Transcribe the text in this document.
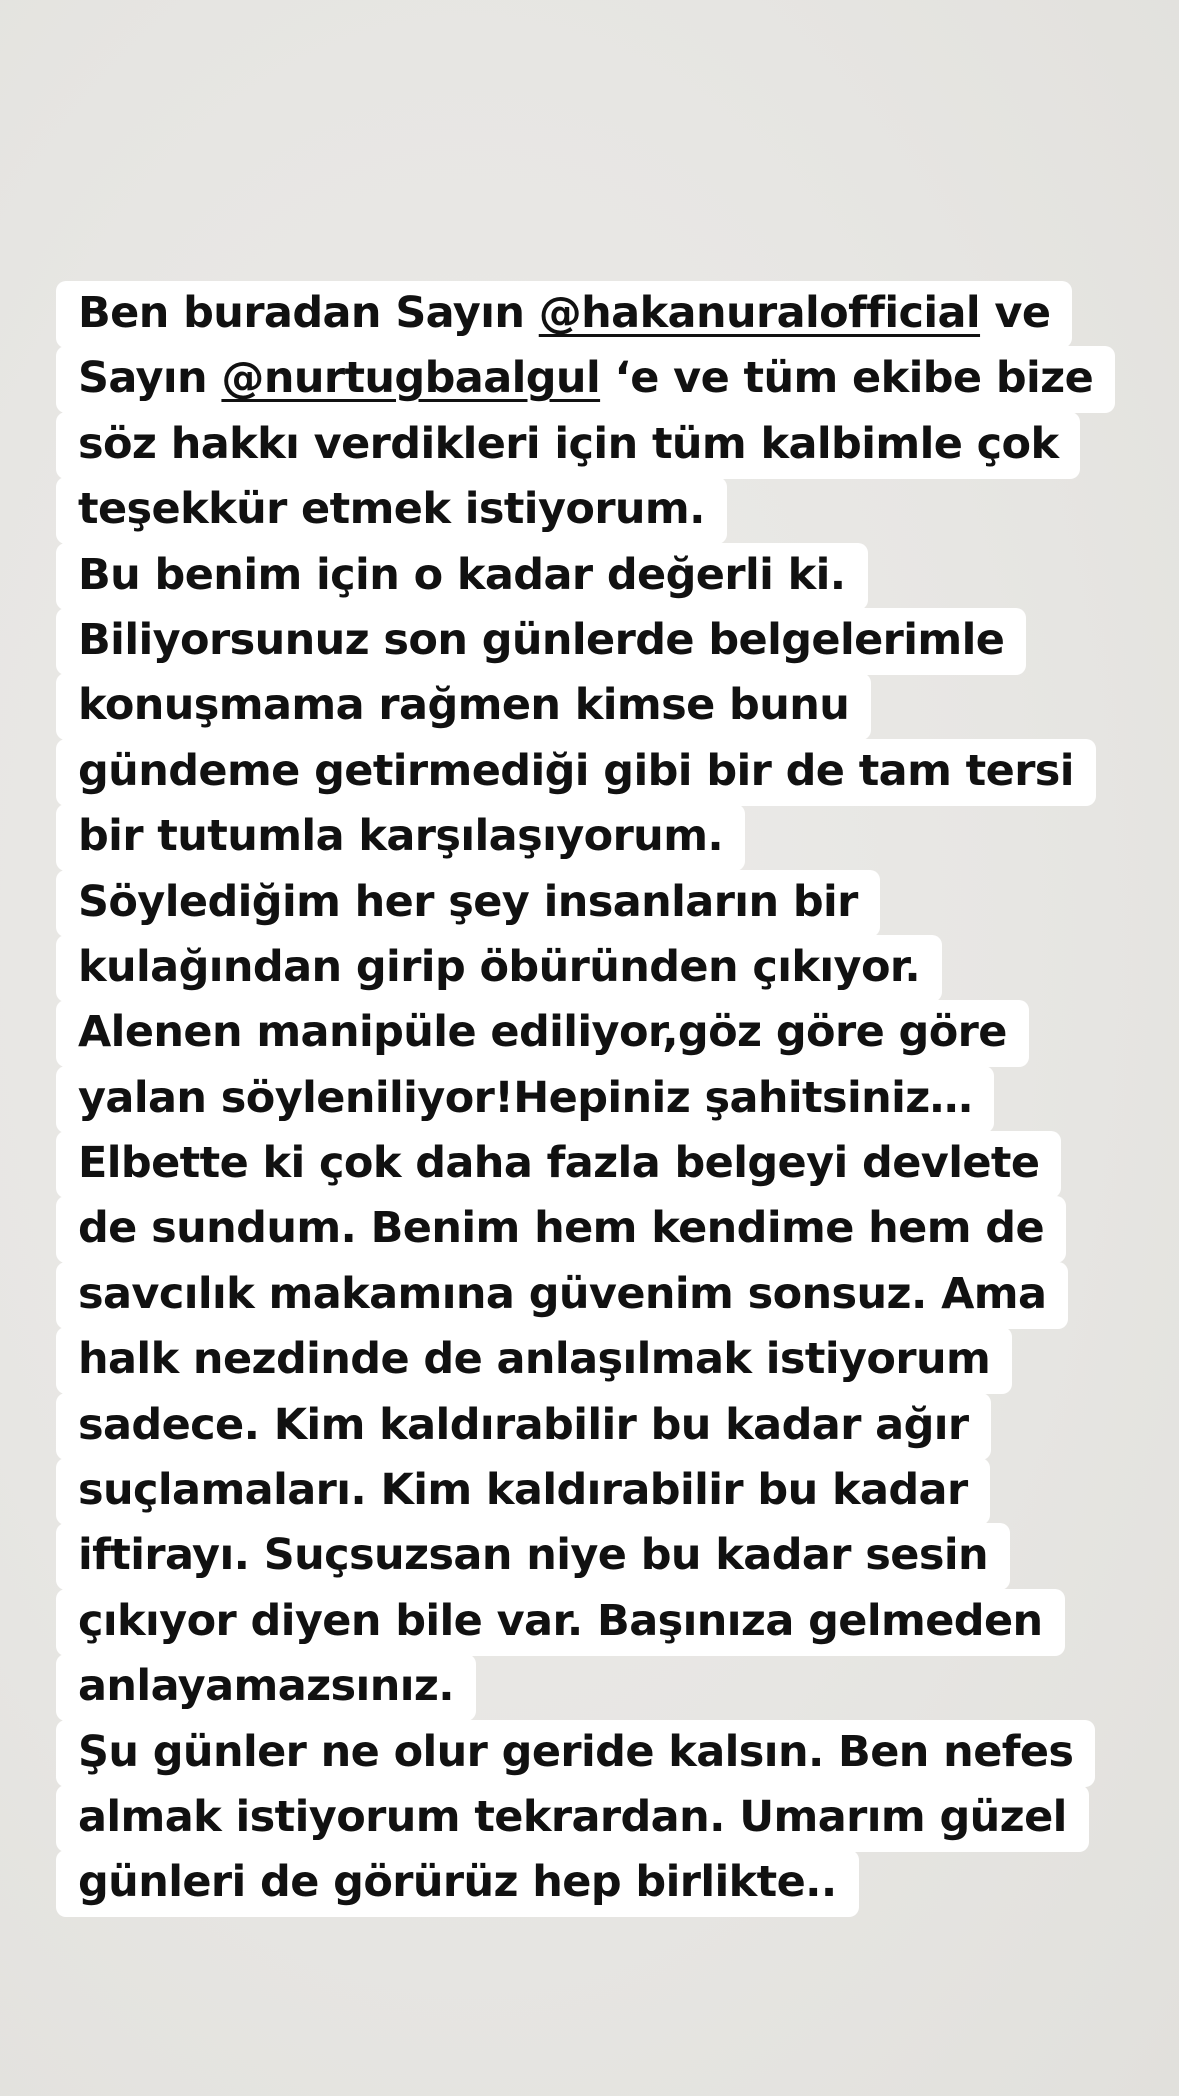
Ben buradan Sayın @hakanuralofficial ve
Sayın @nurtugbaalgul ‘e ve tüm ekibe bize
söz hakkı verdikleri için tüm kalbimle çok
teşekkür etmek istiyorum.
Bu benim için o kadar değerli ki.
Biliyorsunuz son günlerde belgelerimle
konuşmama rağmen kimse bunu
gündeme getirmediği gibi bir de tam tersi
bir tutumla karşılaşıyorum.
Söylediğim her şey insanların bir
kulağından girip öbüründen çıkıyor.
Alenen manipüle ediliyor,göz göre göre
yalan söyleniliyor!Hepiniz şahitsiniz…
Elbette ki çok daha fazla belgeyi devlete
de sundum. Benim hem kendime hem de
savcılık makamına güvenim sonsuz. Ama
halk nezdinde de anlaşılmak istiyorum
sadece. Kim kaldırabilir bu kadar ağır
suçlamaları. Kim kaldırabilir bu kadar
iftirayı. Suçsuzsan niye bu kadar sesin
çıkıyor diyen bile var. Başınıza gelmeden
anlayamazsınız.
Şu günler ne olur geride kalsın. Ben nefes
almak istiyorum tekrardan. Umarım güzel
günleri de görürüz hep birlikte..
